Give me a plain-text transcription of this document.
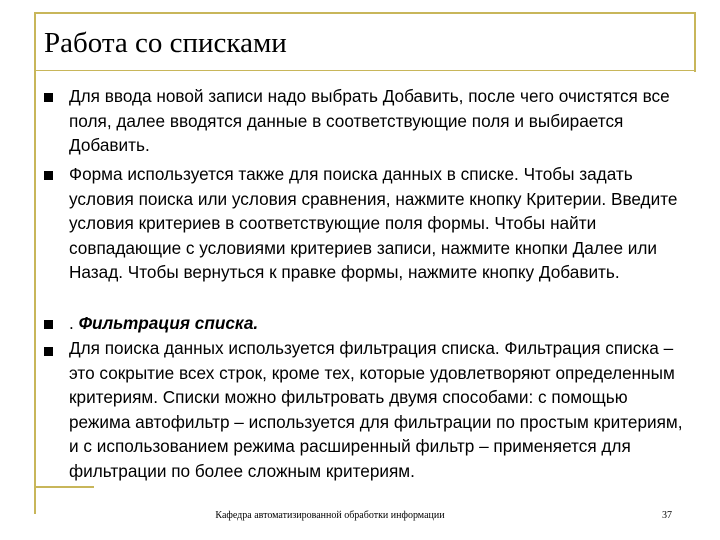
Работа со списками
Для ввода новой записи надо выбрать Добавить, после чего очистятся все поля, далее вводятся данные в соответствующие поля и выбирается Добавить.
Форма используется также для поиска данных в списке. Чтобы задать условия поиска или условия сравнения, нажмите кнопку Критерии. Введите условия критериев в соответствующие поля формы. Чтобы найти совпадающие с условиями критериев записи, нажмите кнопки Далее или Назад. Чтобы вернуться к правке формы, нажмите кнопку Добавить.
. Фильтрация списка.
Для поиска данных используется фильтрация списка. Фильтрация списка – это сокрытие всех строк, кроме тех, которые удовлетворяют определенным критериям. Списки можно фильтровать двумя способами: с помощью режима автофильтр – используется для фильтрации по простым критериям, и с использованием режима расширенный фильтр – применяется для фильтрации по более сложным критериям.
Кафедра автоматизированной обработки информации	37
